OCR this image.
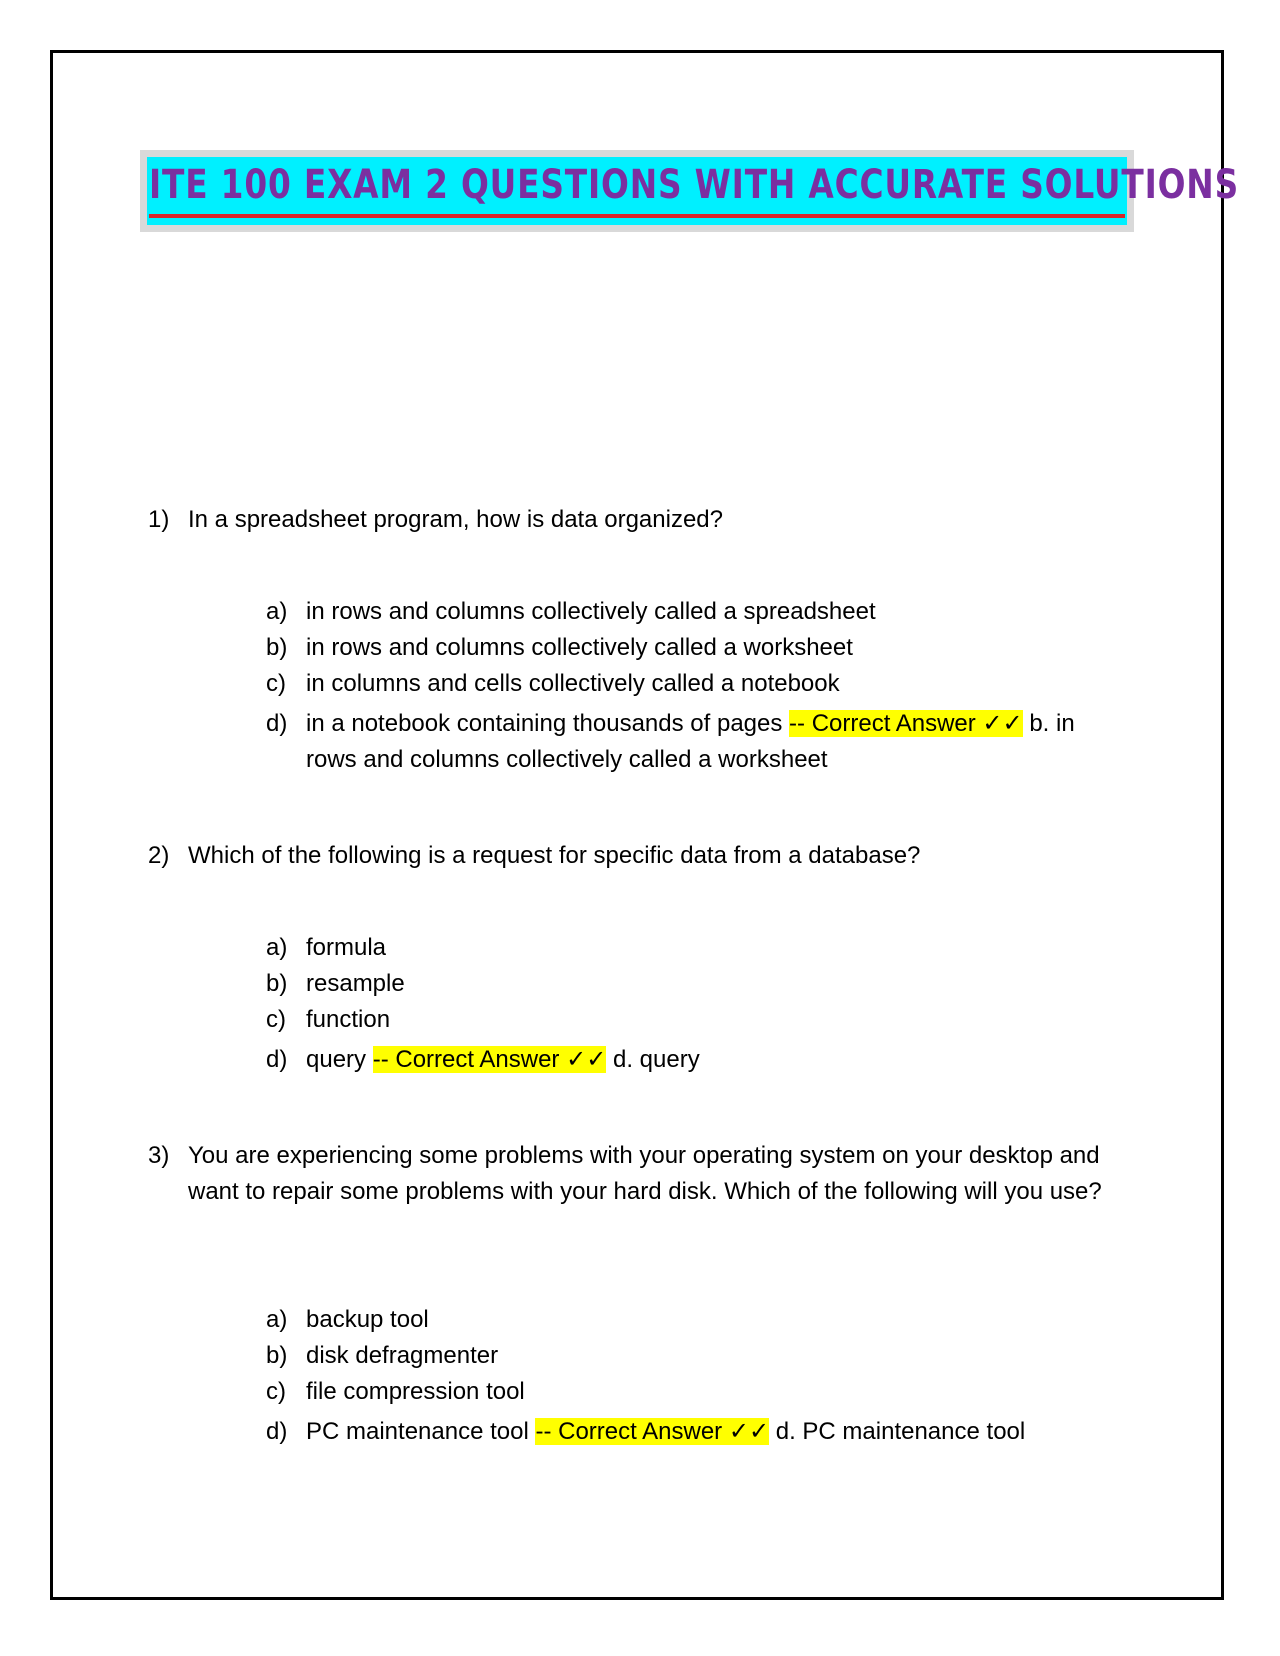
ITE 100 EXAM 2 QUESTIONS WITH ACCURATE SOLUTIONS
1) In a spreadsheet program, how is data organized?
a) in rows and columns collectively called a spreadsheet
b) in rows and columns collectively called a worksheet
c) in columns and cells collectively called a notebook
d) in a notebook containing thousands of pages -- Correct Answer ✓✓ b. in rows and columns collectively called a worksheet
2) Which of the following is a request for specific data from a database?
a) formula
b) resample
c) function
d) query -- Correct Answer ✓✓ d. query
3) You are experiencing some problems with your operating system on your desktop and want to repair some problems with your hard disk. Which of the following will you use?
a) backup tool
b) disk defragmenter
c) file compression tool
d) PC maintenance tool -- Correct Answer ✓✓ d. PC maintenance tool
